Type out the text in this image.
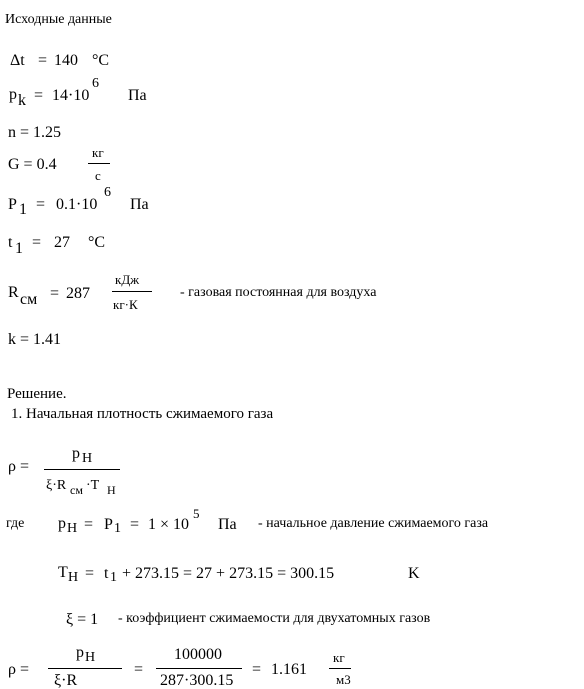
Исходные данные
Δt = 140 °C
p k = 14·10
6
Па
n = 1.25
G = 0.4
кг
с
P 1 = 0.1·10
6
Па
t 1 = 27 °C
R см = 287
кДж
кг·К
- газовая постоянная для воздуха
k = 1.41
Решение.
1. Начальная плотность сжимаемого газа
ρ =
p Н
ξ·R см ·T Н
где p Н = P 1 = 1 × 10
5
Па - начальное давление сжимаемого газа
T Н = t 1 + 273.15 = 27 + 273.15 = 300.15	K
ξ = 1 - коэффициент сжимаемости для двухатомных газов
ρ =
p Н
ξ·R
=
100000
287·300.15
= 1.161
кг
м3
